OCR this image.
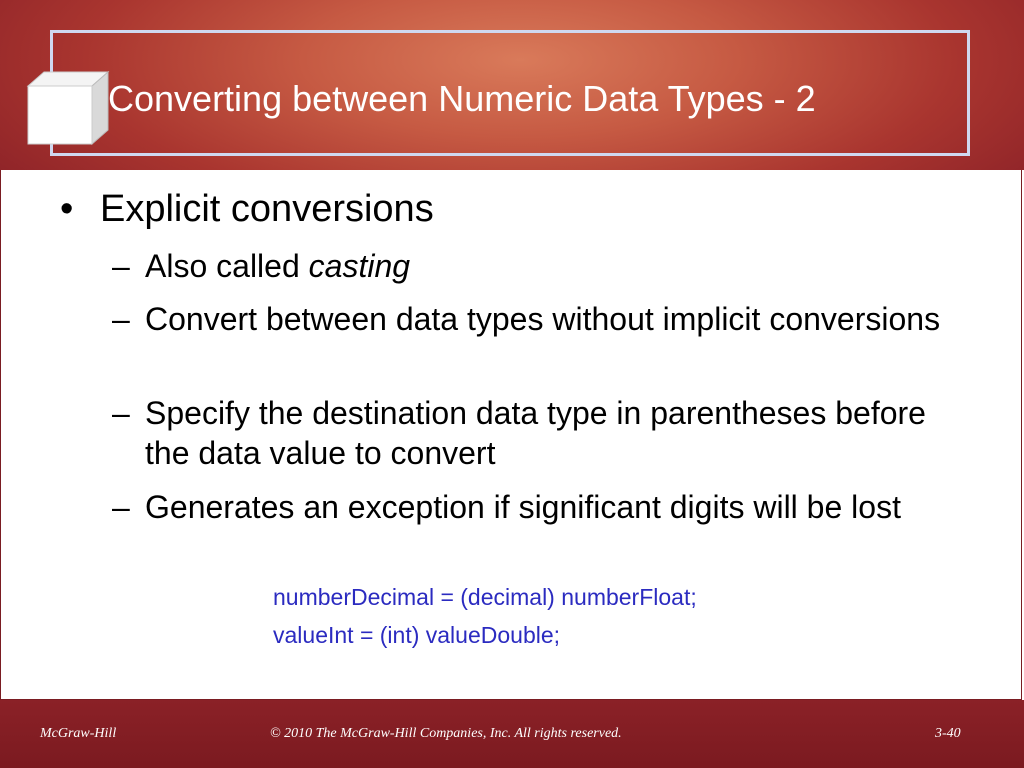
Converting between Numeric Data Types - 2
• Explicit conversions
– Also called casting
– Convert between data types without implicit conversions
– Specify the destination data type in parentheses before the data value to convert
– Generates an exception if significant digits will be lost
numberDecimal = (decimal) numberFloat;
valueInt = (int) valueDouble;
McGraw-Hill	© 2010 The McGraw-Hill Companies, Inc. All rights reserved.	3-40
